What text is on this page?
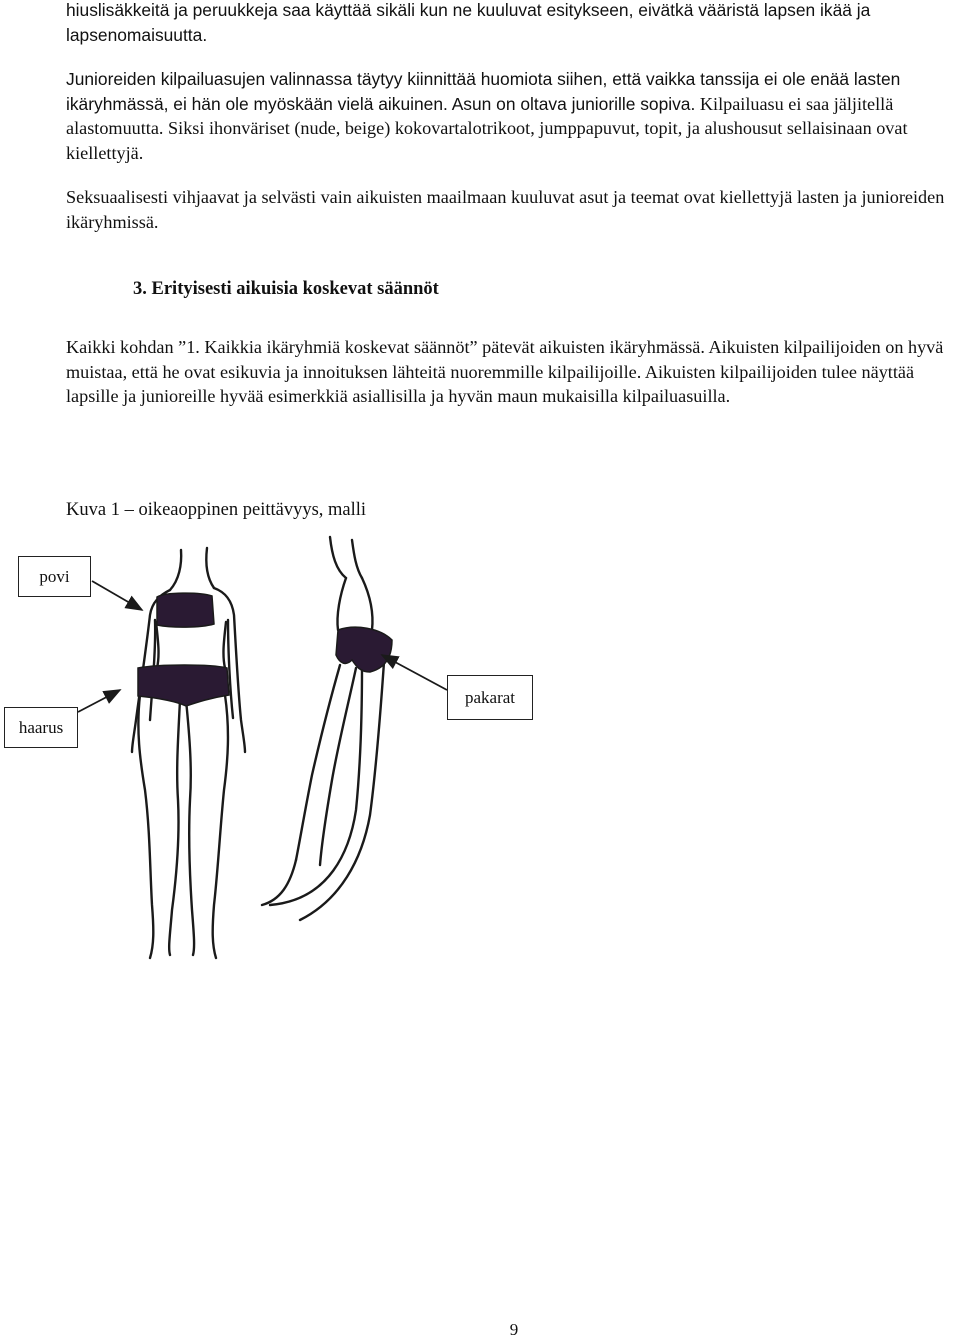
hiuslisäkkeitä ja peruukkeja saa käyttää sikäli kun ne kuuluvat esitykseen, eivätkä vääristä lapsen ikää ja lapsenomaisuutta.

Junioreiden kilpailuasujen valinnassa täytyy kiinnittää huomiota siihen, että vaikka tanssija ei ole enää lasten ikäryhmässä, ei hän ole myöskään vielä aikuinen. Asun on oltava juniorille sopiva. Kilpailuasu ei saa jäljitellä alastomuutta. Siksi ihonväriset (nude, beige) kokovartalotrikoot, jumppapuvut, topit, ja alushousut sellaisinaan ovat kiellettyjä.

Seksuaalisesti vihjaavat ja selvästi vain aikuisten maailmaan kuuluvat asut ja teemat ovat kiellettyjä lasten ja junioreiden ikäryhmissä.

3. Erityisesti aikuisia koskevat säännöt

Kaikki kohdan ”1. Kaikkia ikäryhmiä koskevat säännöt” pätevät aikuisten ikäryhmässä. Aikuisten kilpailijoiden on hyvä muistaa, että he ovat esikuvia ja innoituksen lähteitä nuoremmille kilpailijoille. Aikuisten kilpailijoiden tulee näyttää lapsille ja junioreille hyvää esimerkkiä asiallisilla ja hyvän maun mukaisilla kilpailuasuilla.

Kuva 1 – oikeaoppinen peittävyys, malli

povi
haarus
pakarat
9
